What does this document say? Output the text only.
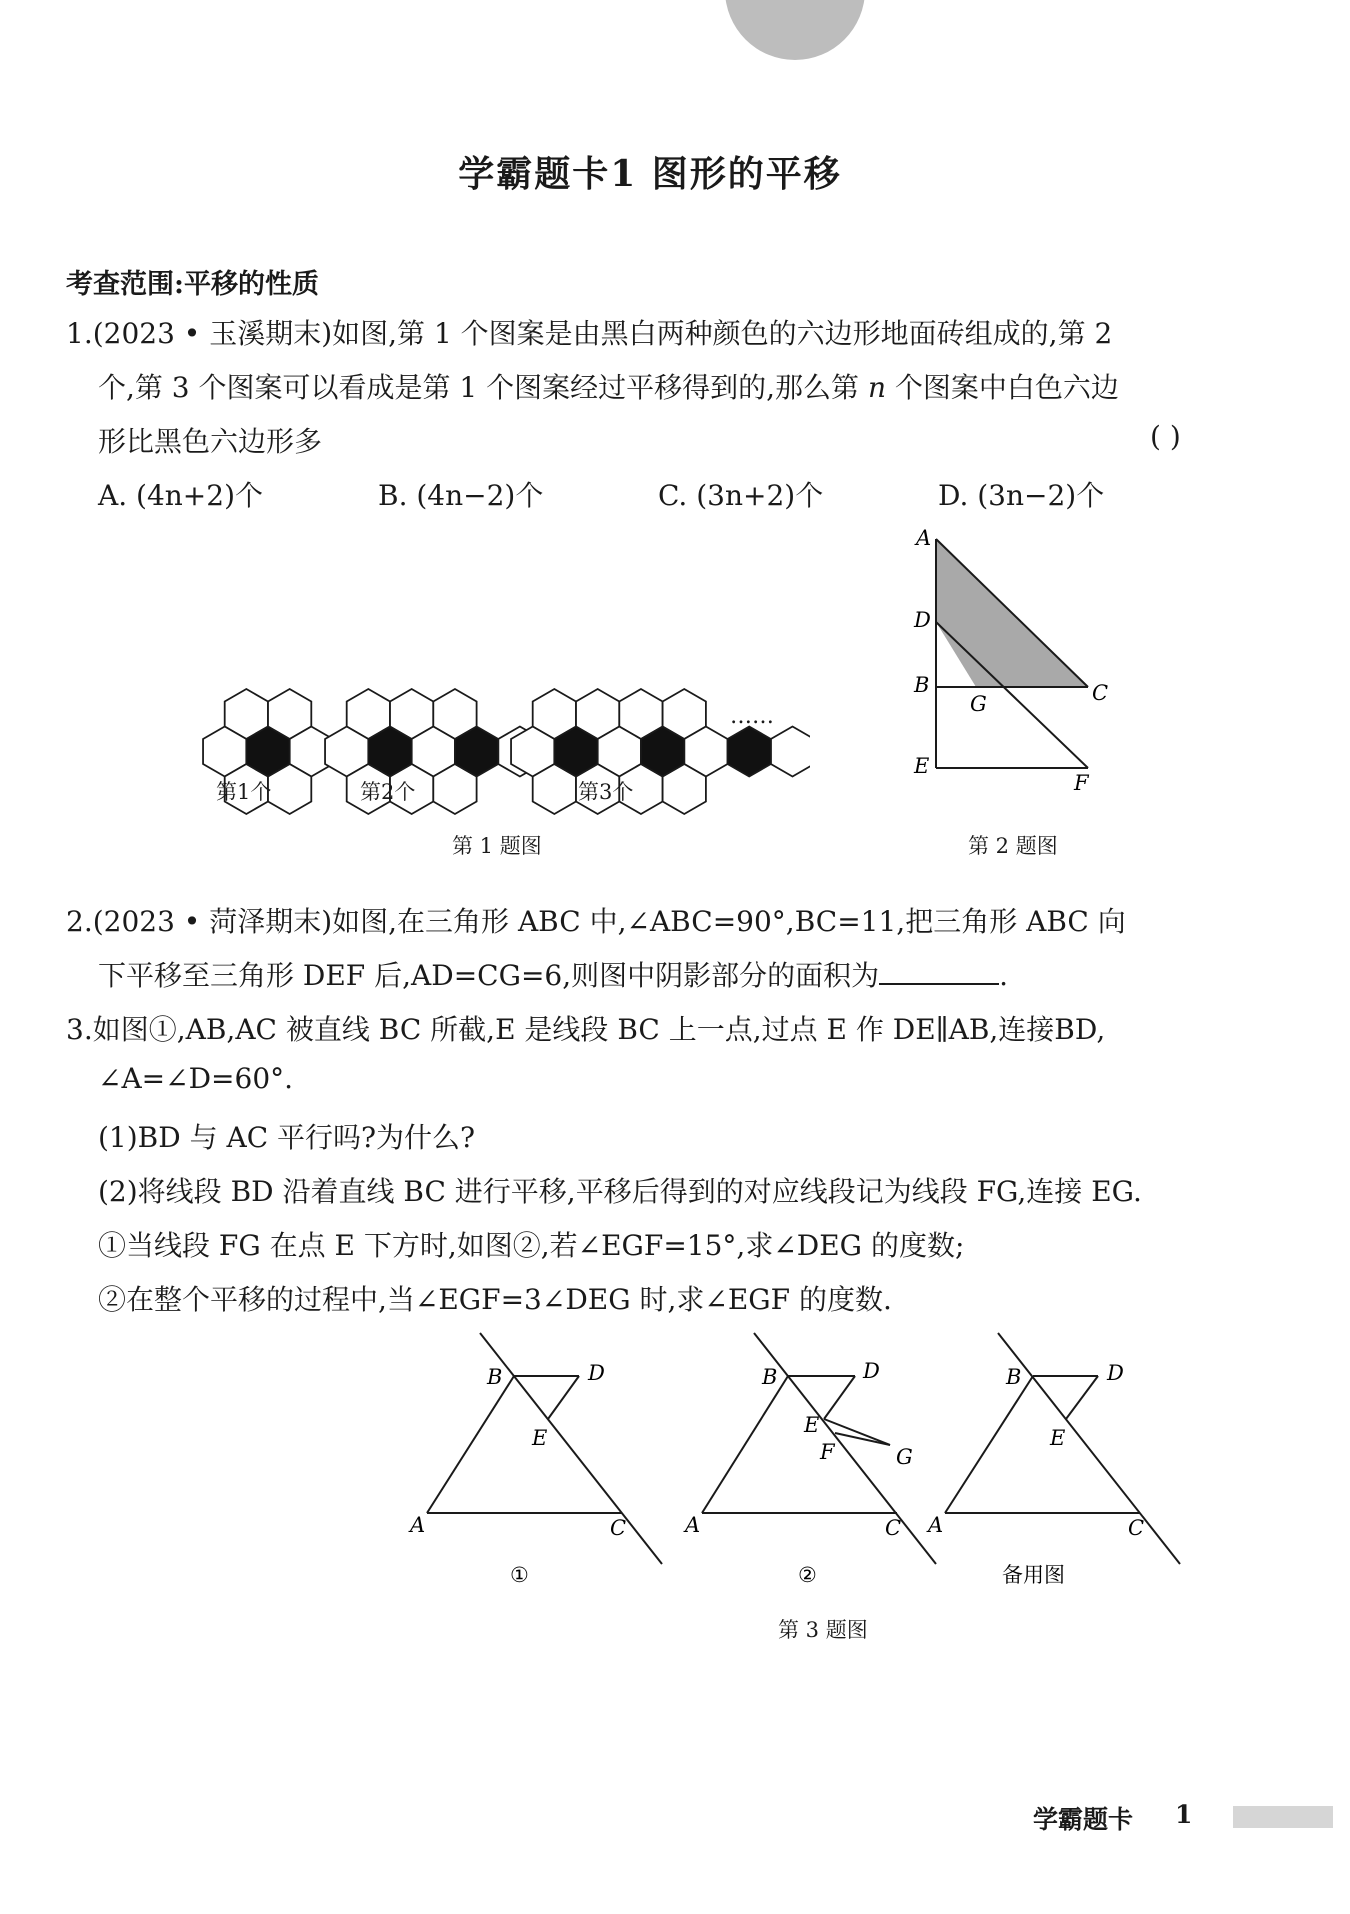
学霸题卡1 图形的平移
考查范围:平移的性质
1.(2023 • 玉溪期末)如图,第 1 个图案是由黑白两种颜色的六边形地面砖组成的,第 2
个,第 3 个图案可以看成是第 1 个图案经过平移得到的,那么第 n 个图案中白色六边
形比黑色六边形多	( )
A. (4n+2)个	B. (4n−2)个	C. (3n+2)个	D. (3n−2)个
……
第1个	第2个	第3个
第 1 题图
A
D
B
G	C
E
F
第 2 题图
2.(2023 • 菏泽期末)如图,在三角形 ABC 中,∠ABC=90°,BC=11,把三角形 ABC 向
下平移至三角形 DEF 后,AD=CG=6,则图中阴影部分的面积为	.
3.如图①,AB,AC 被直线 BC 所截,E 是线段 BC 上一点,过点 E 作 DE∥AB,连接BD,
∠A=∠D=60°.
(1)BD 与 AC 平行吗?为什么?
(2)将线段 BD 沿着直线 BC 进行平移,平移后得到的对应线段记为线段 FG,连接 EG.
①当线段 FG 在点 E 下方时,如图②,若∠EGF=15°,求∠DEG 的度数;
②在整个平移的过程中,当∠EGF=3∠DEG 时,求∠EGF 的度数.
B	D
E
A	C
①
B	D
E
F	G
A	C
②
B	D
E
A	C
备用图
第 3 题图
学霸题卡 1
